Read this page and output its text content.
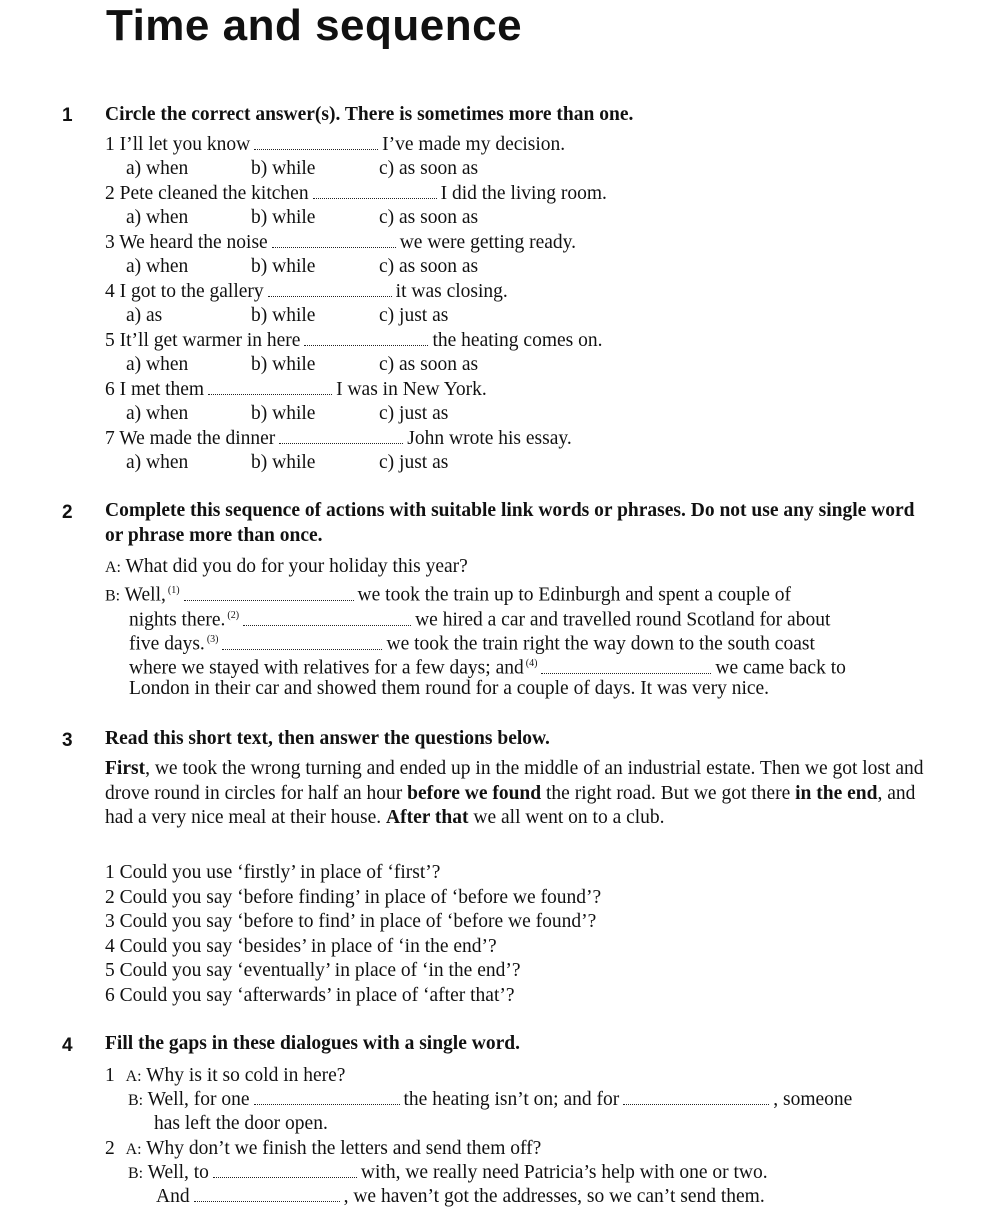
Time and sequence
1 Circle the correct answer(s). There is sometimes more than one.
1 I’ll let you know	I’ve made my decision.
a) when	b) while	c) as soon as
2 Pete cleaned the kitchen	I did the living room.
a) when	b) while	c) as soon as
3 We heard the noise	we were getting ready.
a) when	b) while	c) as soon as
4 I got to the gallery	it was closing.
a) as	b) while	c) just as
5 It’ll get warmer in here	the heating comes on.
a) when	b) while	c) as soon as
6 I met them	I was in New York.
a) when	b) while	c) just as
7 We made the dinner	John wrote his essay.
a) when	b) while	c) just as
2 Complete this sequence of actions with suitable link words or phrases. Do not use any single word or phrase more than once.
A: What did you do for your holiday this year?
B: Well, $^{(1)}$	we took the train up to Edinburgh and spent a couple of
nights there. $^{(2)}$	we hired a car and travelled round Scotland for about
five days. $^{(3)}$	we took the train right the way down to the south coast
where we stayed with relatives for a few days; and $^{(4)}$	we came back to
London in their car and showed them round for a couple of days. It was very nice.
3 Read this short text, then answer the questions below.
First, we took the wrong turning and ended up in the middle of an industrial estate. Then we got lost and drove round in circles for half an hour before we found the right road. But we got there in the end, and had a very nice meal at their house. After that we all went on to a club.
1 Could you use ‘firstly’ in place of ‘first’?
2 Could you say ‘before finding’ in place of ‘before we found’?
3 Could you say ‘before to find’ in place of ‘before we found’?
4 Could you say ‘besides’ in place of ‘in the end’?
5 Could you say ‘eventually’ in place of ‘in the end’?
6 Could you say ‘afterwards’ in place of ‘after that’?
4 Fill the gaps in these dialogues with a single word.
1 A: Why is it so cold in here?
B: Well, for one	the heating isn’t on; and for	, someone
has left the door open.
2 A: Why don’t we finish the letters and send them off?
B: Well, to	with, we really need Patricia’s help with one or two.
And	, we haven’t got the addresses, so we can’t send them.
